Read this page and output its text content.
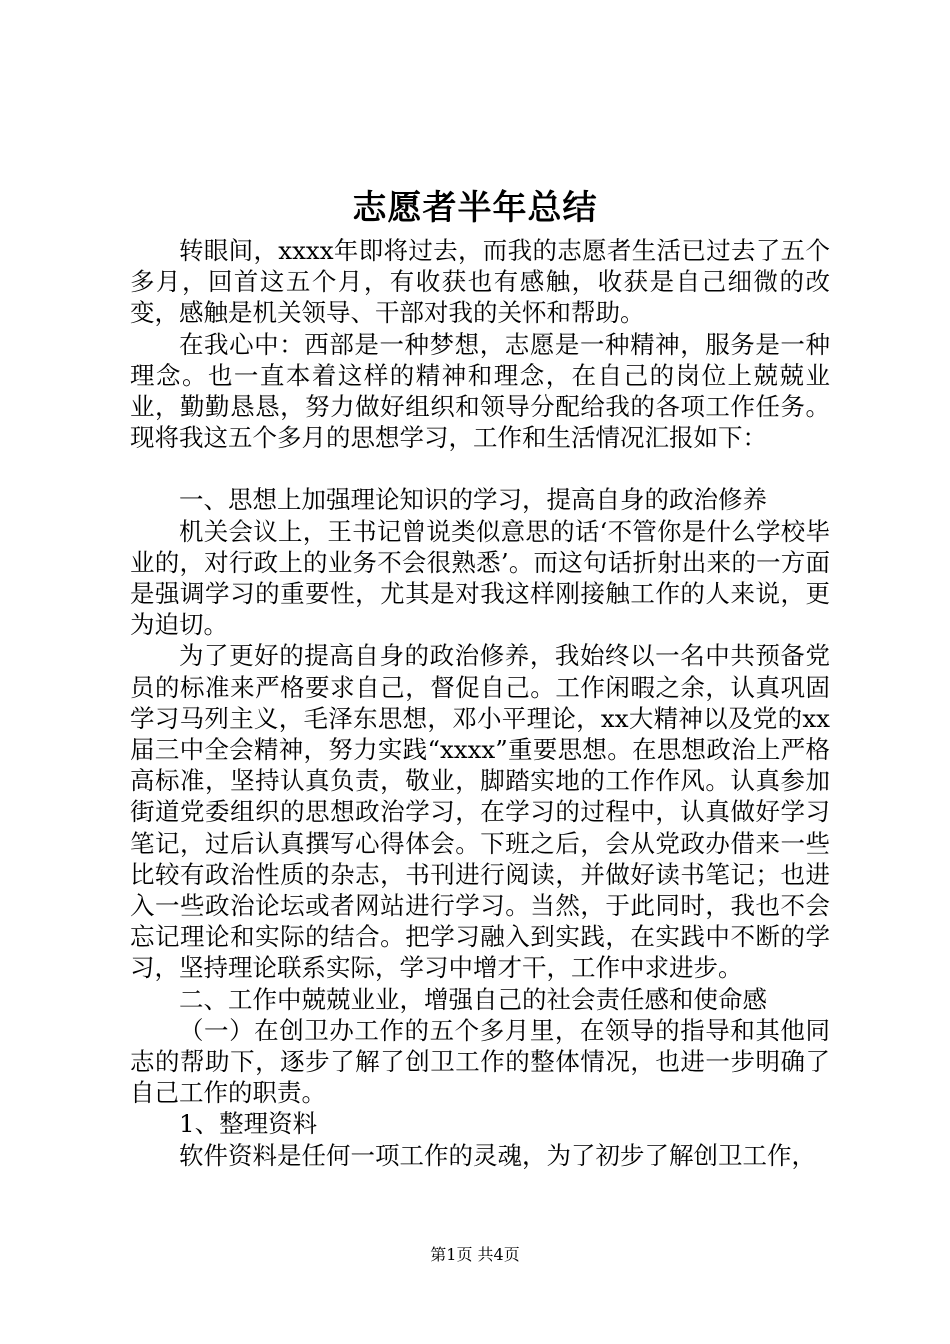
志愿者半年总结

转眼间，xxxx年即将过去，而我的志愿者生活已过去了五个多月，回首这五个月，有收获也有感触，收获是自己细微的改变，感触是机关领导、干部对我的关怀和帮助。

在我心中：西部是一种梦想，志愿是一种精神，服务是一种理念。也一直本着这样的精神和理念，在自己的岗位上兢兢业业，勤勤恳恳，努力做好组织和领导分配给我的各项工作任务。现将我这五个多月的思想学习，工作和生活情况汇报如下：

一、思想上加强理论知识的学习，提高自身的政治修养

机关会议上，王书记曾说类似意思的话‘不管你是什么学校毕业的，对行政上的业务不会很熟悉’。而这句话折射出来的一方面是强调学习的重要性，尤其是对我这样刚接触工作的人来说，更为迫切。

为了更好的提高自身的政治修养，我始终以一名中共预备党员的标准来严格要求自己，督促自己。工作闲暇之余，认真巩固学习马列主义，毛泽东思想，邓小平理论，xx大精神以及党的xx届三中全会精神，努力实践“xxxx”重要思想。在思想政治上严格高标准，坚持认真负责，敬业，脚踏实地的工作作风。认真参加街道党委组织的思想政治学习，在学习的过程中，认真做好学习笔记，过后认真撰写心得体会。下班之后，会从党政办借来一些比较有政治性质的杂志，书刊进行阅读，并做好读书笔记；也进入一些政治论坛或者网站进行学习。当然，于此同时，我也不会忘记理论和实际的结合。把学习融入到实践，在实践中不断的学习，坚持理论联系实际，学习中增才干，工作中求进步。

二、工作中兢兢业业，增强自己的社会责任感和使命感

（一）在创卫办工作的五个多月里，在领导的指导和其他同志的帮助下，逐步了解了创卫工作的整体情况，也进一步明确了自己工作的职责。

1、整理资料

软件资料是任何一项工作的灵魂，为了初步了解创卫工作，

第1页 共4页
